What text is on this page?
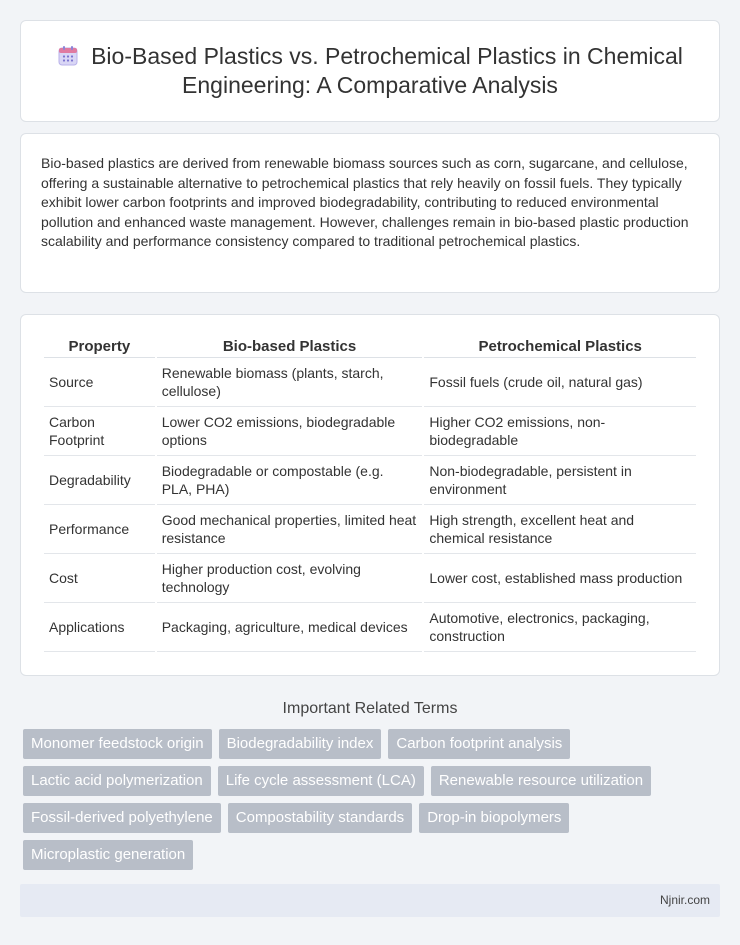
Bio-Based Plastics vs. Petrochemical Plastics in Chemical Engineering: A Comparative Analysis

Bio-based plastics are derived from renewable biomass sources such as corn, sugarcane, and cellulose, offering a sustainable alternative to petrochemical plastics that rely heavily on fossil fuels. They typically exhibit lower carbon footprints and improved biodegradability, contributing to reduced environmental pollution and enhanced waste management. However, challenges remain in bio-based plastic production scalability and performance consistency compared to traditional petrochemical plastics.

Property	Bio-based Plastics	Petrochemical Plastics
Source	Renewable biomass (plants, starch, cellulose)	Fossil fuels (crude oil, natural gas)
Carbon Footprint	Lower CO2 emissions, biodegradable options	Higher CO2 emissions, non-biodegradable
Degradability	Biodegradable or compostable (e.g. PLA, PHA)	Non-biodegradable, persistent in environment
Performance	Good mechanical properties, limited heat resistance	High strength, excellent heat and chemical resistance
Cost	Higher production cost, evolving technology	Lower cost, established mass production
Applications	Packaging, agriculture, medical devices	Automotive, electronics, packaging, construction
Important Related Terms
Monomer feedstock origin	Biodegradability index	Carbon footprint analysis
Lactic acid polymerization	Life cycle assessment (LCA)	Renewable resource utilization
Fossil-derived polyethylene	Compostability standards	Drop-in biopolymers
Microplastic generation
Njnir.com
